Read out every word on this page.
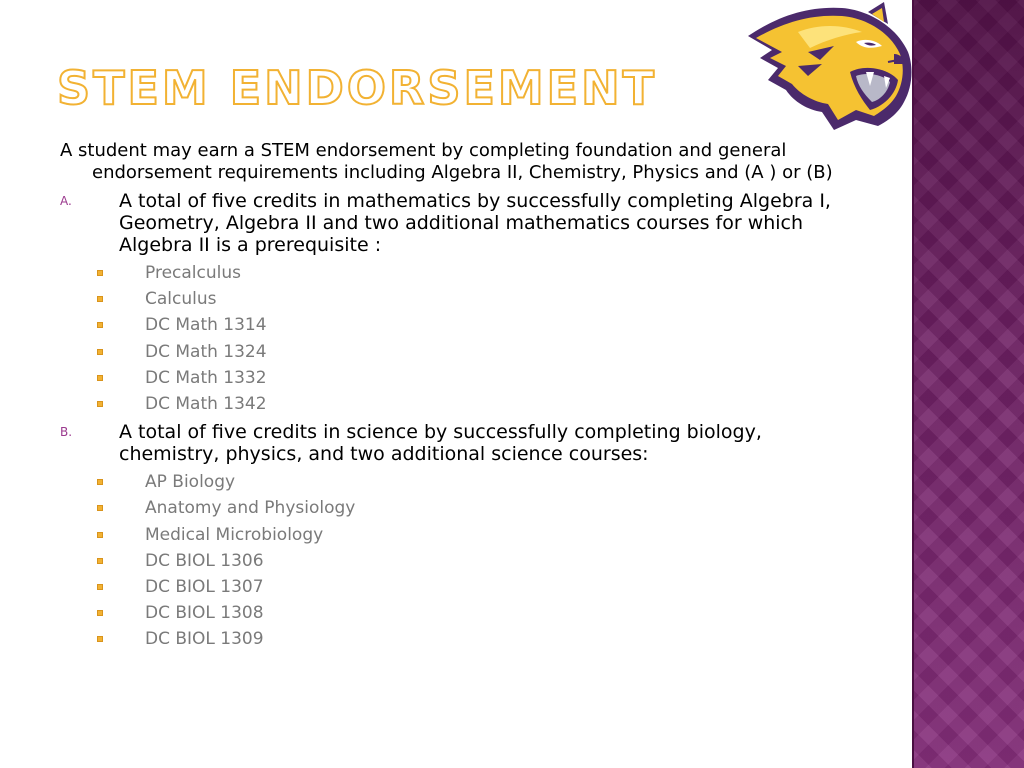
STEM ENDORSEMENT

A student may earn a STEM endorsement by completing foundation and general endorsement requirements including Algebra II, Chemistry, Physics and (A ) or (B)

A. A total of five credits in mathematics by successfully completing Algebra I, Geometry, Algebra II and two additional mathematics courses for which Algebra II is a prerequisite :
Precalculus
Calculus
DC Math 1314
DC Math 1324
DC Math 1332
DC Math 1342
B. A total of five credits in science by successfully completing biology, chemistry, physics, and two additional science courses:
AP Biology
Anatomy and Physiology
Medical Microbiology
DC BIOL 1306
DC BIOL 1307
DC BIOL 1308
DC BIOL 1309
